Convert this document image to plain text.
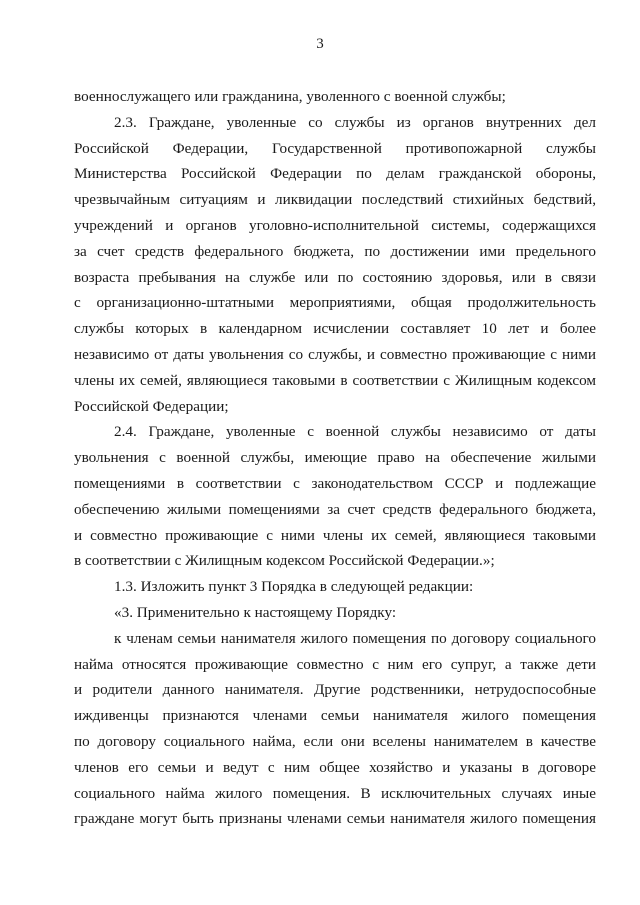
3
военнослужащего или гражданина, уволенного с военной службы;
2.3. Граждане, уволенные со службы из органов внутренних дел
Российской Федерации, Государственной противопожарной службы
Министерства Российской Федерации по делам гражданской обороны,
чрезвычайным ситуациям и ликвидации последствий стихийных бедствий,
учреждений и органов уголовно-исполнительной системы, содержащихся
за счет средств федерального бюджета, по достижении ими предельного
возраста пребывания на службе или по состоянию здоровья, или в связи
с организационно-штатными мероприятиями, общая продолжительность
службы которых в календарном исчислении составляет 10 лет и более
независимо от даты увольнения со службы, и совместно проживающие с ними
члены их семей, являющиеся таковыми в соответствии с Жилищным кодексом
Российской Федерации;
2.4. Граждане, уволенные с военной службы независимо от даты
увольнения с военной службы, имеющие право на обеспечение жилыми
помещениями в соответствии с законодательством СССР и подлежащие
обеспечению жилыми помещениями за счет средств федерального бюджета,
и совместно проживающие с ними члены их семей, являющиеся таковыми
в соответствии с Жилищным кодексом Российской Федерации.»;
1.3. Изложить пункт 3 Порядка в следующей редакции:
«3. Применительно к настоящему Порядку:
к членам семьи нанимателя жилого помещения по договору социального
найма относятся проживающие совместно с ним его супруг, а также дети
и родители данного нанимателя. Другие родственники, нетрудоспособные
иждивенцы признаются членами семьи нанимателя жилого помещения
по договору социального найма, если они вселены нанимателем в качестве
членов его семьи и ведут с ним общее хозяйство и указаны в договоре
социального найма жилого помещения. В исключительных случаях иные
граждане могут быть признаны членами семьи нанимателя жилого помещения
